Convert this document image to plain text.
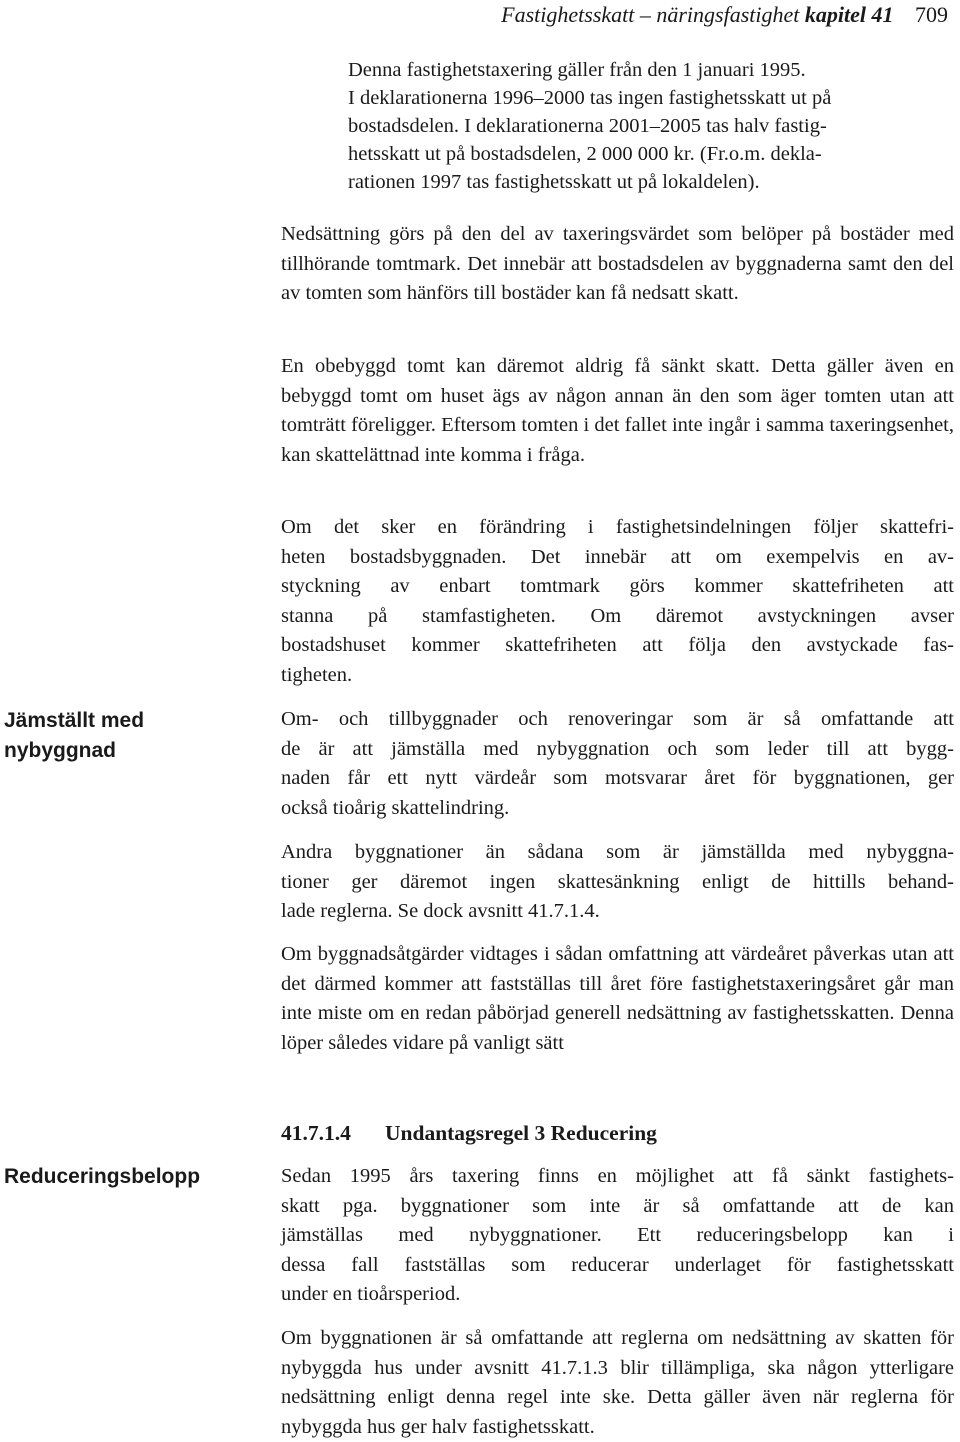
Fastighetsskatt – näringsfastighet kapitel 41 709
Denna fastighetstaxering gäller från den 1 januari 1995.
I deklarationerna 1996–2000 tas ingen fastighetsskatt ut på
bostadsdelen. I deklarationerna 2001–2005 tas halv fastig-
hetsskatt ut på bostadsdelen, 2 000 000 kr. (Fr.o.m. dekla-
rationen 1997 tas fastighetsskatt ut på lokaldelen).

Nedsättning görs på den del av taxeringsvärdet som belöper på bostäder med tillhörande tomtmark. Det innebär att bostadsdelen av byggnaderna samt den del av tomten som hänförs till bostäder kan få nedsatt skatt.

En obebyggd tomt kan däremot aldrig få sänkt skatt. Detta gäller även en bebyggd tomt om huset ägs av någon annan än den som äger tomten utan att tomträtt föreligger. Eftersom tomten i det fallet inte ingår i samma taxeringsenhet, kan skattelättnad inte komma i fråga.

Om det sker en förändring i fastighetsindelningen följer skattefri-
heten bostadsbyggnaden. Det innebär att om exempelvis en av-
styckning av enbart tomtmark görs kommer skattefriheten att
stanna på stamfastigheten. Om däremot avstyckningen avser
bostadshuset kommer skattefriheten att följa den avstyckade fas-
tigheten.
Om- och tillbyggnader och renoveringar som är så omfattande att
de är att jämställa med nybyggnation och som leder till att bygg-
naden får ett nytt värdeår som motsvarar året för byggnationen, ger
också tioårig skattelindring.
Andra byggnationer än sådana som är jämställda med nybyggna-
tioner ger däremot ingen skattesänkning enligt de hittills behand-
lade reglerna. Se dock avsnitt 41.7.1.4.

Om byggnadsåtgärder vidtages i sådan omfattning att värdeåret påverkas utan att det därmed kommer att fastställas till året före fastighetstaxeringsåret går man inte miste om en redan påbörjad generell nedsättning av fastighetsskatten. Denna löper således vidare på vanligt sätt

41.7.1.4 Undantagsregel 3 Reducering
Sedan 1995 års taxering finns en möjlighet att få sänkt fastighets-
skatt pga. byggnationer som inte är så omfattande att de kan
jämställas med nybyggnationer. Ett reduceringsbelopp kan i
dessa fall fastställas som reducerar underlaget för fastighetsskatt
under en tioårsperiod.

Om byggnationen är så omfattande att reglerna om nedsättning av skatten för nybyggda hus under avsnitt 41.7.1.3 blir tillämpliga, ska någon ytterligare nedsättning enligt denna regel inte ske. Detta gäller även när reglerna för nybyggda hus ger halv fastighetsskatt.

Jämställt med
nybyggnad
Reduceringsbelopp
